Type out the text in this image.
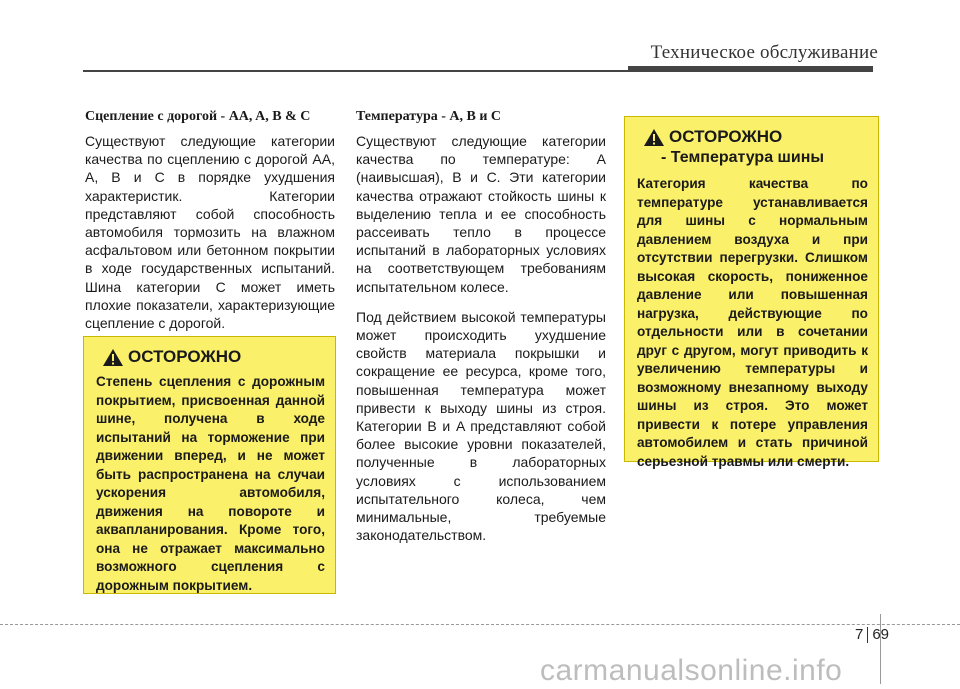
Техническое обслуживание

Сцепление с дорогой - AA, A, B & C

Существуют следующие категории качества по сцеплению с дорогой AA, A, B и C в порядке ухудшения характеристик. Категории представляют собой способность автомобиля тормозить на влажном асфальтовом или бетонном покрытии в ходе государственных испытаний. Шина категории C может иметь плохие показатели, характеризующие сцепление с дорогой.

Температура - A, B и C

Существуют следующие категории качества по температуре: A (наивысшая), B и C. Эти категории качества отражают стойкость шины к выделению тепла и ее способность рассеивать тепло в процессе испытаний в лабораторных условиях на соответствующем требованиям испытательном колесе.

Под действием высокой температуры может происходить ухудшение свойств материала покрышки и сокращение ее ресурса, кроме того, повышенная температура может привести к выходу шины из строя. Категории B и A представляют собой более высокие уровни показателей, полученные в лабораторных условиях с использованием испытательного колеса, чем минимальные, требуемые законодательством.

ОСТОРОЖНО

Степень сцепления с дорожным покрытием, присвоенная данной шине, получена в ходе испытаний на торможение при движении вперед, и не может быть распространена на случаи ускорения автомобиля, движения на повороте и аквапланирования. Кроме того, она не отражает максимально возможного сцепления с дорожным покрытием.

ОСТОРОЖНО
- Температура шины

Категория качества по температуре устанавливается для шины с нормальным давлением воздуха и при отсутствии перегрузки. Слишком высокая скорость, пониженное давление или повышенная нагрузка, действующие по отдельности или в сочетании друг с другом, могут приводить к увеличению температуры и возможному внезапному выходу шины из строя. Это может привести к потере управления автомобилем и стать причиной серьезной травмы или смерти.

7 69
carmanualsonline.info
